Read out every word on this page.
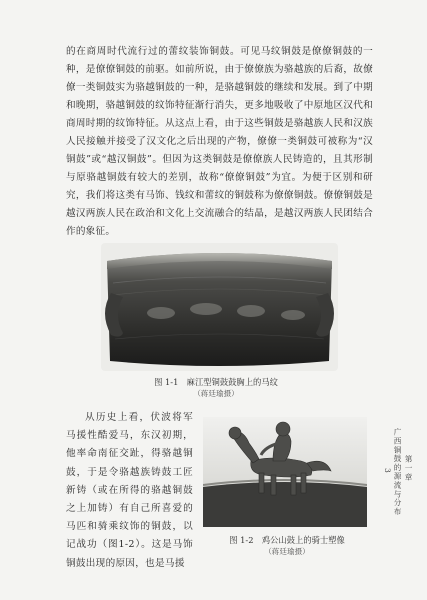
的在商周时代流行过的蕾纹装饰铜鼓。可见马纹铜鼓是僚僚铜鼓的一种，是僚僚铜鼓的前驱。如前所说，由于僚僚族为骆越族的后裔，故僚僚一类铜鼓实为骆越铜鼓的一种，是骆越铜鼓的继续和发展。到了中期和晚期，骆越铜鼓的纹饰特征渐行消失，更多地吸收了中原地区汉代和商周时期的纹饰特征。从这点上看，由于这些铜鼓是骆越族人民和汉族人民接触并接受了汉文化之后出现的产物，僚僚一类铜鼓可被称为“汉铜鼓”或“越汉铜鼓”。但因为这类铜鼓是僚僚族人民铸造的，且其形制与原骆越铜鼓有较大的差别，故称“僚僚铜鼓”为宜。为便于区别和研究，我们将这类有马饰、钱纹和蕾纹的铜鼓称为僚僚铜鼓。僚僚铜鼓是越汉两族人民在政治和文化上交流融合的结晶，是越汉两族人民团结合作的象征。

图 1-1　麻江型铜鼓鼓胸上的马纹
（蒋廷瑜摄）

从历史上看，伏波将军马援性酷爱马，东汉初期，他率命南征交趾，得骆越铜鼓，于是令骆越族铸鼓工匠新铸（或在所得的骆越铜鼓之上加铸）有自己所喜爱的马匹和骑乘纹饰的铜鼓，以记战功（图1-2）。这是马饰铜鼓出现的原因，也是马援

图 1-2　鸡公山鼓上的骑士塑像
（蒋廷瑜摄）
第一章
广西铜鼓的源流与分布
3
